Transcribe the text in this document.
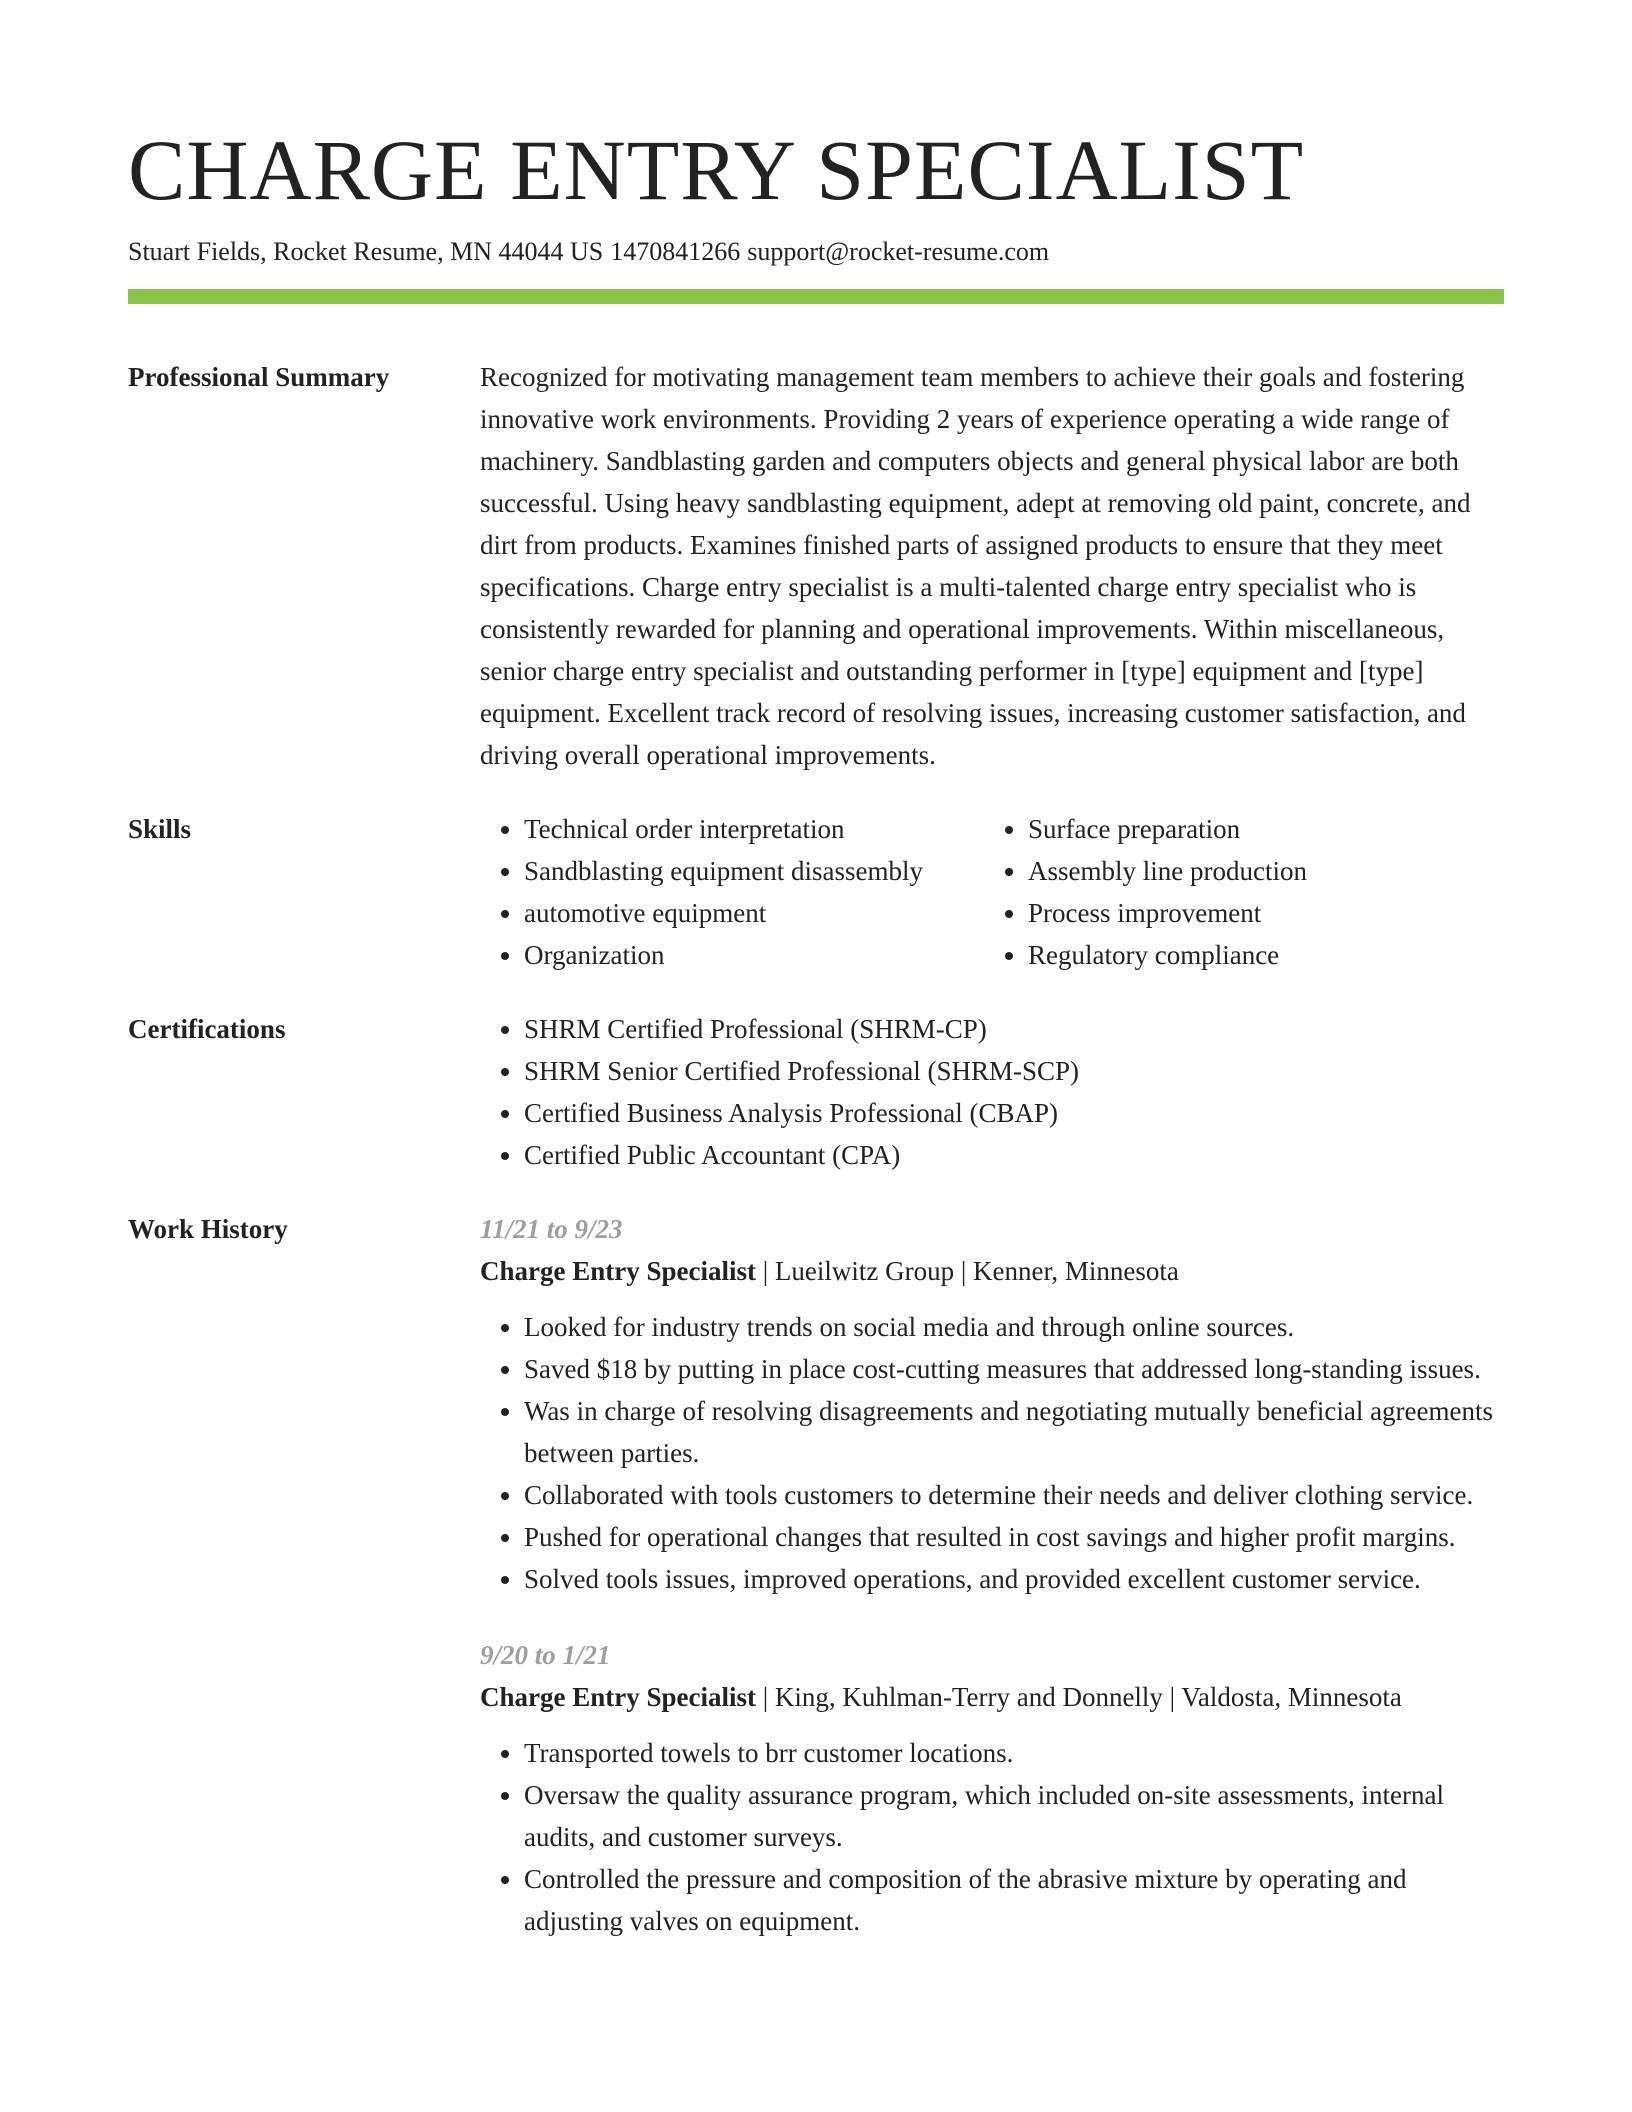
CHARGE ENTRY SPECIALIST
Stuart Fields, Rocket Resume, MN 44044 US 1470841266 support@rocket-resume.com
Professional Summary	Recognized for motivating management team members to achieve their goals and fostering innovative work environments. Providing 2 years of experience operating a wide range of machinery. Sandblasting garden and computers objects and general physical labor are both successful. Using heavy sandblasting equipment, adept at removing old paint, concrete, and dirt from products. Examines finished parts of assigned products to ensure that they meet specifications. Charge entry specialist is a multi-talented charge entry specialist who is consistently rewarded for planning and operational improvements. Within miscellaneous, senior charge entry specialist and outstanding performer in [type] equipment and [type] equipment. Excellent track record of resolving issues, increasing customer satisfaction, and driving overall operational improvements.

Skills	• Technical order interpretation
• Sandblasting equipment disassembly
• automotive equipment
• Organization
• Surface preparation
• Assembly line production
• Process improvement
• Regulatory compliance
Certifications	• SHRM Certified Professional (SHRM-CP)
• SHRM Senior Certified Professional (SHRM-SCP)
• Certified Business Analysis Professional (CBAP)
• Certified Public Accountant (CPA)
Work History	11/21 to 9/23
Charge Entry Specialist | Lueilwitz Group | Kenner, Minnesota
• Looked for industry trends on social media and through online sources.
• Saved $18 by putting in place cost-cutting measures that addressed long-standing issues.
• Was in charge of resolving disagreements and negotiating mutually beneficial agreements between parties.
• Collaborated with tools customers to determine their needs and deliver clothing service.
• Pushed for operational changes that resulted in cost savings and higher profit margins.
• Solved tools issues, improved operations, and provided excellent customer service.
9/20 to 1/21
Charge Entry Specialist | King, Kuhlman-Terry and Donnelly | Valdosta, Minnesota
• Transported towels to brr customer locations.
• Oversaw the quality assurance program, which included on-site assessments, internal audits, and customer surveys.
• Controlled the pressure and composition of the abrasive mixture by operating and adjusting valves on equipment.
